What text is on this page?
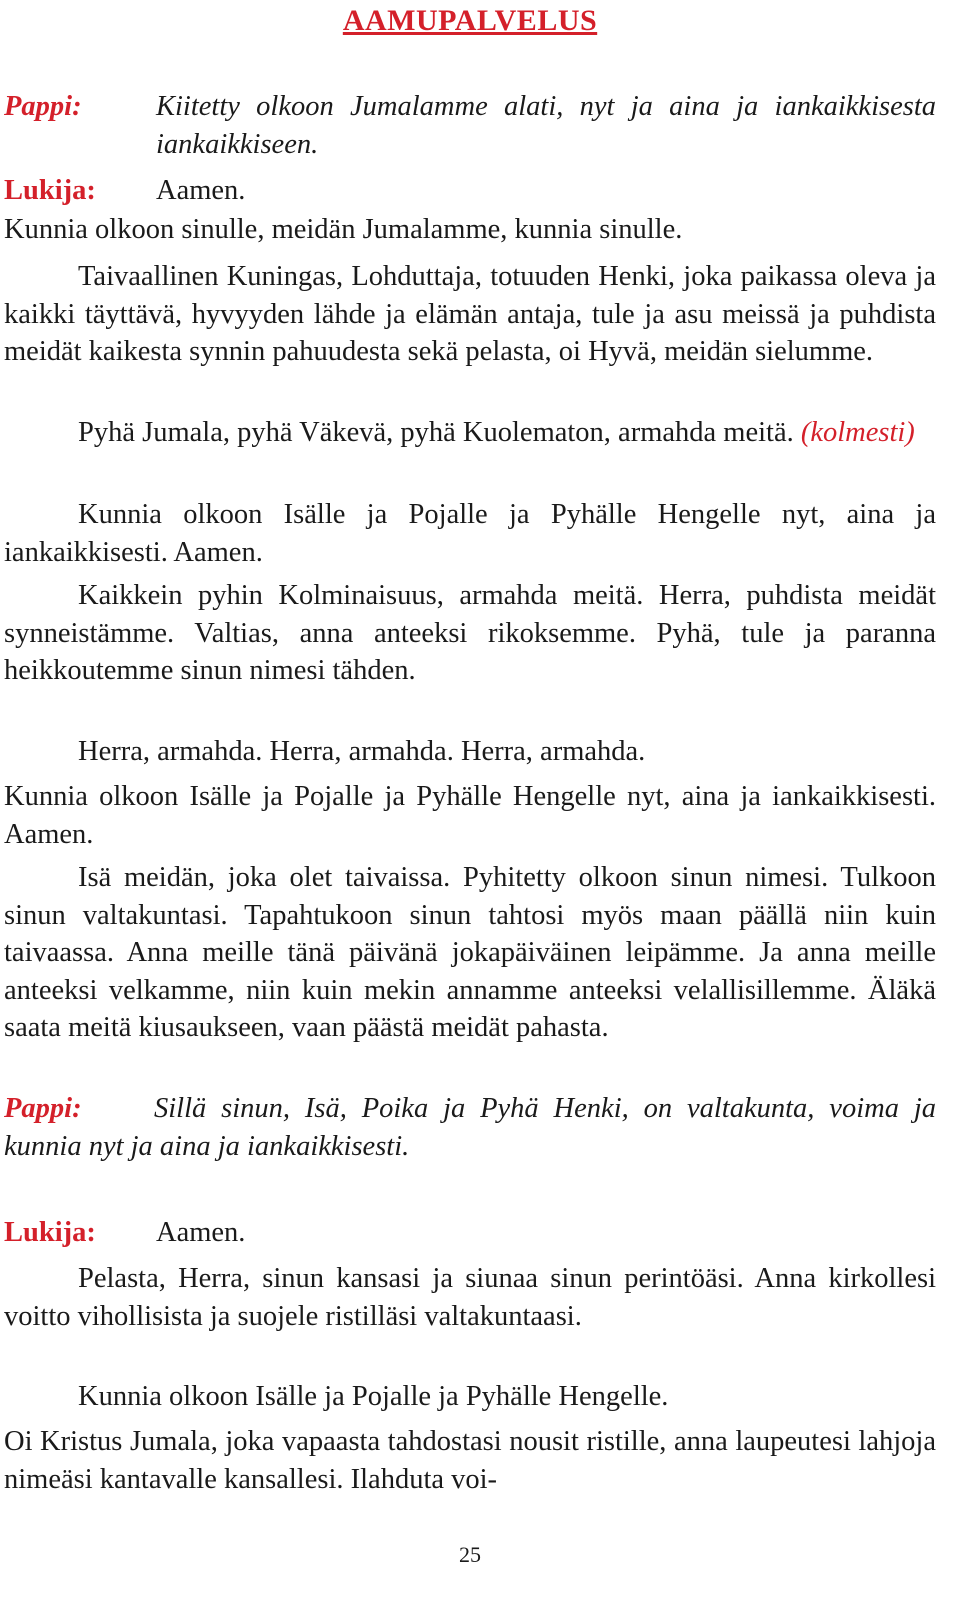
AAMUPALVELUS
Pappi:	Kiitetty olkoon Jumalamme alati, nyt ja aina ja iankaikkisesta iankaikkiseen.
Lukija:	Aamen.
Kunnia olkoon sinulle, meidän Jumalamme, kunnia sinulle.
Taivaallinen Kuningas, Lohduttaja, totuuden Henki, joka paikassa oleva ja kaikki täyttävä, hyvyyden lähde ja elämän antaja, tule ja asu meissä ja puhdista meidät kaikesta synnin pahuudesta sekä pelasta, oi Hyvä, meidän sielumme.
Pyhä Jumala, pyhä Väkevä, pyhä Kuolematon, armahda meitä. (kolmesti)
Kunnia olkoon Isälle ja Pojalle ja Pyhälle Hengelle nyt, aina ja iankaikkisesti. Aamen.
Kaikkein pyhin Kolminaisuus, armahda meitä. Herra, puhdista meidät synneistämme. Valtias, anna anteeksi rikoksemme. Pyhä, tule ja paranna heikkoutemme sinun nimesi tähden.
Herra, armahda. Herra, armahda. Herra, armahda.
Kunnia olkoon Isälle ja Pojalle ja Pyhälle Hengelle nyt, aina ja iankaikkisesti. Aamen.
Isä meidän, joka olet taivaissa. Pyhitetty olkoon sinun nimesi. Tulkoon sinun valtakuntasi. Tapahtukoon sinun tahtosi myös maan päällä niin kuin taivaassa. Anna meille tänä päivänä jokapäiväinen leipämme. Ja anna meille anteeksi velkamme, niin kuin mekin annamme anteeksi velallisillemme. Äläkä saata meitä kiusaukseen, vaan päästä meidät pahasta.
Pappi:	Sillä sinun, Isä, Poika ja Pyhä Henki, on valtakunta, voima ja kunnia nyt ja aina ja iankaikkisesti.
Lukija:	Aamen.
Pelasta, Herra, sinun kansasi ja siunaa sinun perintöäsi. Anna kirkollesi voitto vihollisista ja suojele ristilläsi valtakuntaasi.
Kunnia olkoon Isälle ja Pojalle ja Pyhälle Hengelle.
Oi Kristus Jumala, joka vapaasta tahdostasi nousit ristille, anna laupeutesi lahjoja nimeäsi kantavalle kansallesi. Ilahduta voi-
25
